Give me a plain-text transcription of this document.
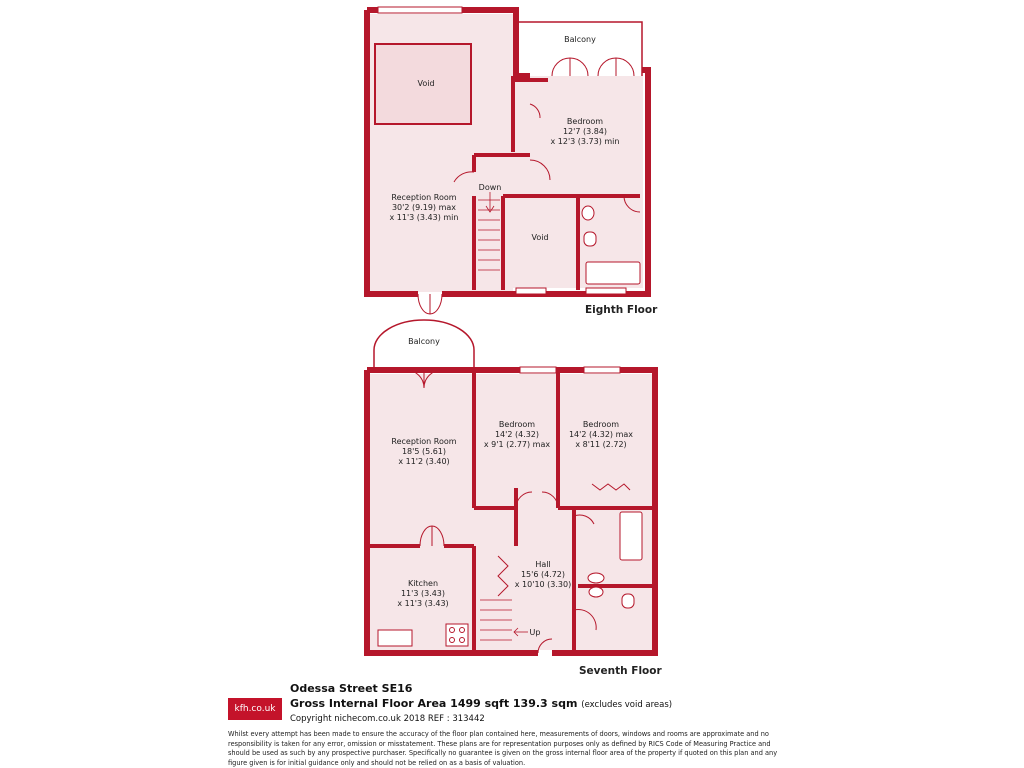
Void
Balcony
Bedroom
12'7 (3.84)
x 12'3 (3.73) min
Down
Reception Room
30'2 (9.19) max
x 11'3 (3.43) min
Void
Eighth Floor
Balcony
Reception Room
18'5 (5.61)
x 11'2 (3.40)
Bedroom
14'2 (4.32)
x 9'1 (2.77) max
Bedroom
14'2 (4.32) max
x 8'11 (2.72)
Hall
15'6 (4.72)
x 10'10 (3.30)
Kitchen
11'3 (3.43)
x 11'3 (3.43)
Up
Seventh Floor
kfh.co.uk
Odessa Street SE16
Gross Internal Floor Area 1499 sqft 139.3 sqm (excludes void areas)
Copyright nichecom.co.uk 2018 REF : 313442
Whilst every attempt has been made to ensure the accuracy of the floor plan contained here, measurements of doors, windows and rooms are approximate and no responsibility is taken for any error, omission or misstatement. These plans are for representation purposes only as defined by RICS Code of Measuring Practice and should be used as such by any prospective purchaser. Specifically no guarantee is given on the gross internal floor area of the property if quoted on this plan and any figure given is for initial guidance only and should not be relied on as a basis of valuation.
